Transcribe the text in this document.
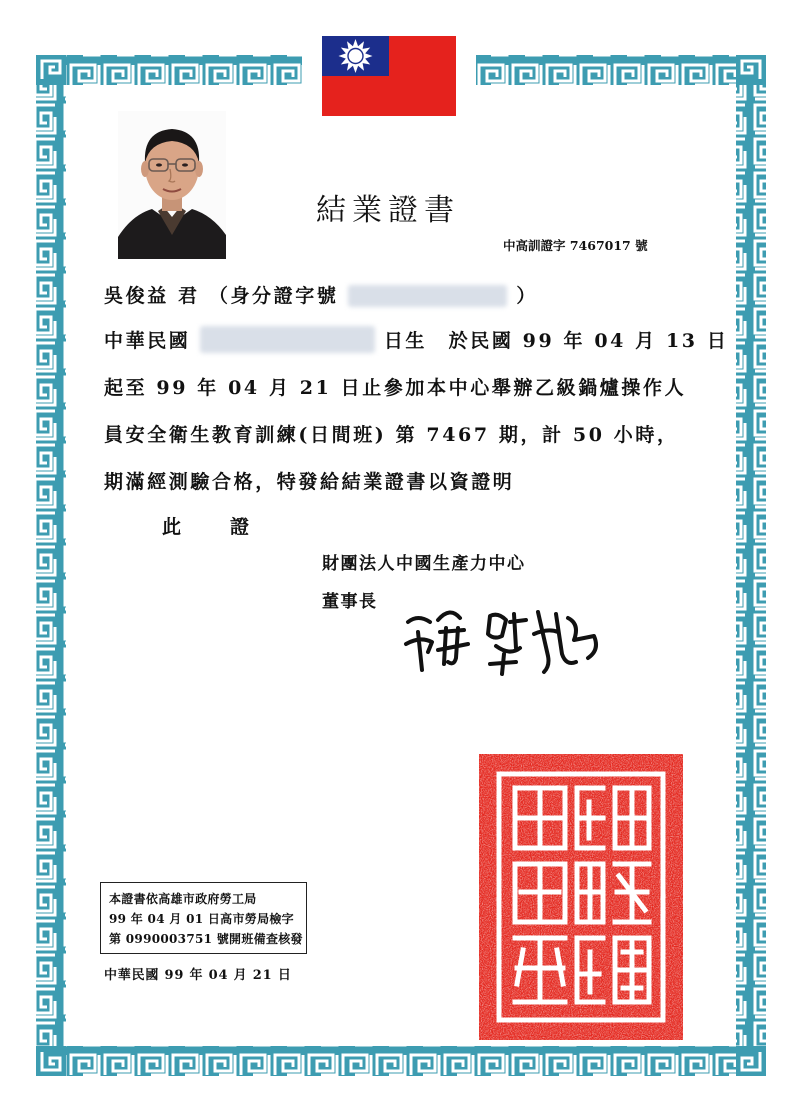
結業證書
中高訓證字 7467017 號
吳俊益 君 （身分證字號	）
中華民國	日生　於民國 99 年 04 月 13 日
起至 99 年 04 月 21 日止參加本中心舉辦乙級鍋爐操作人
員安全衛生教育訓練(日間班) 第 7467 期，計 50 小時，
期滿經測驗合格，特發給結業證書以資證明
此	證
財團法人中國生產力中心
董事長
本證書依高雄市政府勞工局
99 年 04 月 01 日高市勞局檢字
第 0990003751 號開班備查核發
中華民國 99 年 04 月 21 日
